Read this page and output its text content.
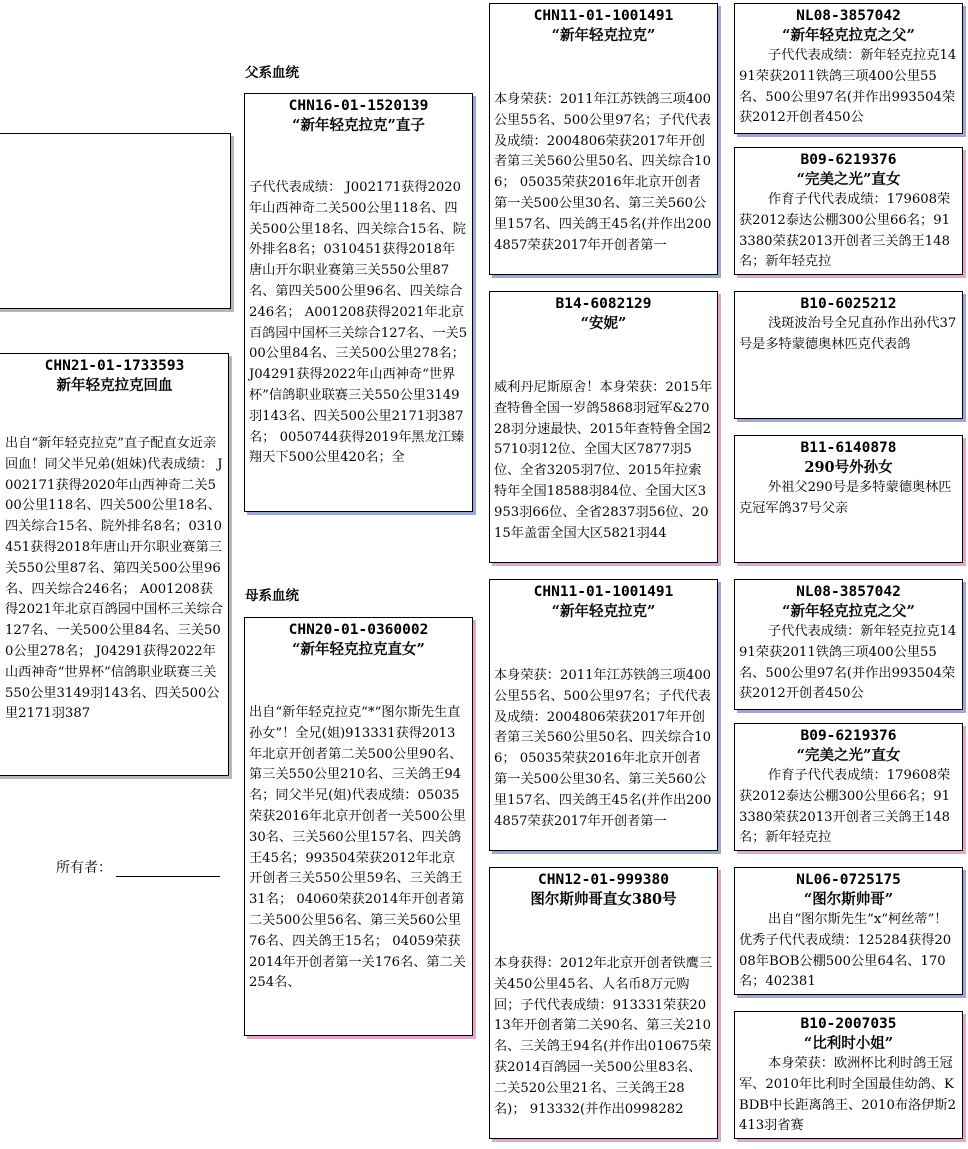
CHN21-01-1733593
新年轻克拉克回血
出自“新年轻克拉克”直子配直女近亲回血！同父半兄弟(姐妹)代表成绩： J002171获得2020年山西神奇二关500公里118名、四关500公里18名、四关综合15名、院外排名8名；0310451获得2018年唐山开尔职业赛第三关550公里87名、第四关500公里96名、四关综合246名； A001208获得2021年北京百鸽园中国杯三关综合127名、一关500公里84名、三关500公里278名； J04291获得2022年山西神奇“世界杯”信鸽职业联赛三关550公里3149羽143名、四关500公里2171羽387
所有者：
父系血统
母系血统
CHN16-01-1520139
“新年轻克拉克”直子
子代代表成绩： J002171获得2020年山西神奇二关500公里118名、四关500公里18名、四关综合15名、院外排名8名；0310451获得2018年唐山开尔职业赛第三关550公里87名、第四关500公里96名、四关综合246名； A001208获得2021年北京百鸽园中国杯三关综合127名、一关500公里84名、三关500公里278名； J04291获得2022年山西神奇“世界杯”信鸽职业联赛三关550公里3149羽143名、四关500公里2171羽387名； 0050744获得2019年黑龙江臻翔天下500公里420名；全
CHN20-01-0360002
“新年轻克拉克直女”
出自“新年轻克拉克”*“图尔斯先生直孙女”！全兄(姐)913331获得2013年北京开创者第二关500公里90名、第三关550公里210名、三关鸽王94名；同父半兄(姐)代表成绩：05035荣获2016年北京开创者一关500公里30名、三关560公里157名、四关鸽王45名；993504荣获2012年北京开创者三关550公里59名、三关鸽王31名； 04060荣获2014年开创者第二关500公里56名、第三关560公里76名、四关鸽王15名； 04059荣获2014年开创者第一关176名、第二关254名、
CHN11-01-1001491
“新年轻克拉克”
本身荣获：2011年江苏铁鸽三项400公里55名、500公里97名；子代代表及成绩：2004806荣获2017年开创者第三关560公里50名、四关综合106； 05035荣获2016年北京开创者第一关500公里30名、第三关560公里157名、四关鸽王45名(并作出2004857荣获2017年开创者第一
B14-6082129
“安妮”
威利丹尼斯原舍！本身荣获：2015年查特鲁全国一岁鸽5868羽冠军&27028羽分速最快、2015年查特鲁全国25710羽12位、全国大区7877羽5位、全省3205羽7位、2015年拉索特年全国18588羽84位、全国大区3953羽66位、全省2837羽56位、2015年盖雷全国大区5821羽44
CHN11-01-1001491
“新年轻克拉克”
本身荣获：2011年江苏铁鸽三项400公里55名、500公里97名；子代代表及成绩：2004806荣获2017年开创者第三关560公里50名、四关综合106； 05035荣获2016年北京开创者第一关500公里30名、第三关560公里157名、四关鸽王45名(并作出2004857荣获2017年开创者第一
CHN12-01-999380
图尔斯帅哥直女380号
本身获得：2012年北京开创者铁鹰三关450公里45名、人名币8万元购回；子代代表成绩：913331荣获2013年开创者第二关90名、第三关210名、三关鸽王94名(并作出010675荣获2014百鸽园一关500公里83名、二关520公里21名、三关鸽王28名)； 913332(并作出0998282
NL08-3857042
“新年轻克拉克之父”
子代代表成绩：新年轻克拉克1491荣获2011铁鸽三项400公里55名、500公里97名(并作出993504荣获2012开创者450公
B09-6219376
“完美之光”直女
作育子代代表成绩：179608荣获2012泰达公棚300公里66名；913380荣获2013开创者三关鸽王148名；新年轻克拉
B10-6025212
浅斑波治号全兄直孙作出孙代37号是多特蒙德奥林匹克代表鸽
B11-6140878
290号外孙女
外祖父290号是多特蒙德奥林匹克冠军鸽37号父亲
NL08-3857042
“新年轻克拉克之父”
子代代表成绩：新年轻克拉克1491荣获2011铁鸽三项400公里55名、500公里97名(并作出993504荣获2012开创者450公
B09-6219376
“完美之光”直女
作育子代代表成绩：179608荣获2012泰达公棚300公里66名；913380荣获2013开创者三关鸽王148名；新年轻克拉
NL06-0725175
“图尔斯帅哥”
出自“图尔斯先生”x“柯丝蒂”！优秀子代代表成绩：125284获得2008年BOB公棚500公里64名、170名；402381
B10-2007035
“比利时小姐”
本身荣获：欧洲杯比利时鸽王冠军、2010年比利时全国最佳幼鸽、KBDB中长距离鸽王、2010布洛伊斯2413羽省赛
